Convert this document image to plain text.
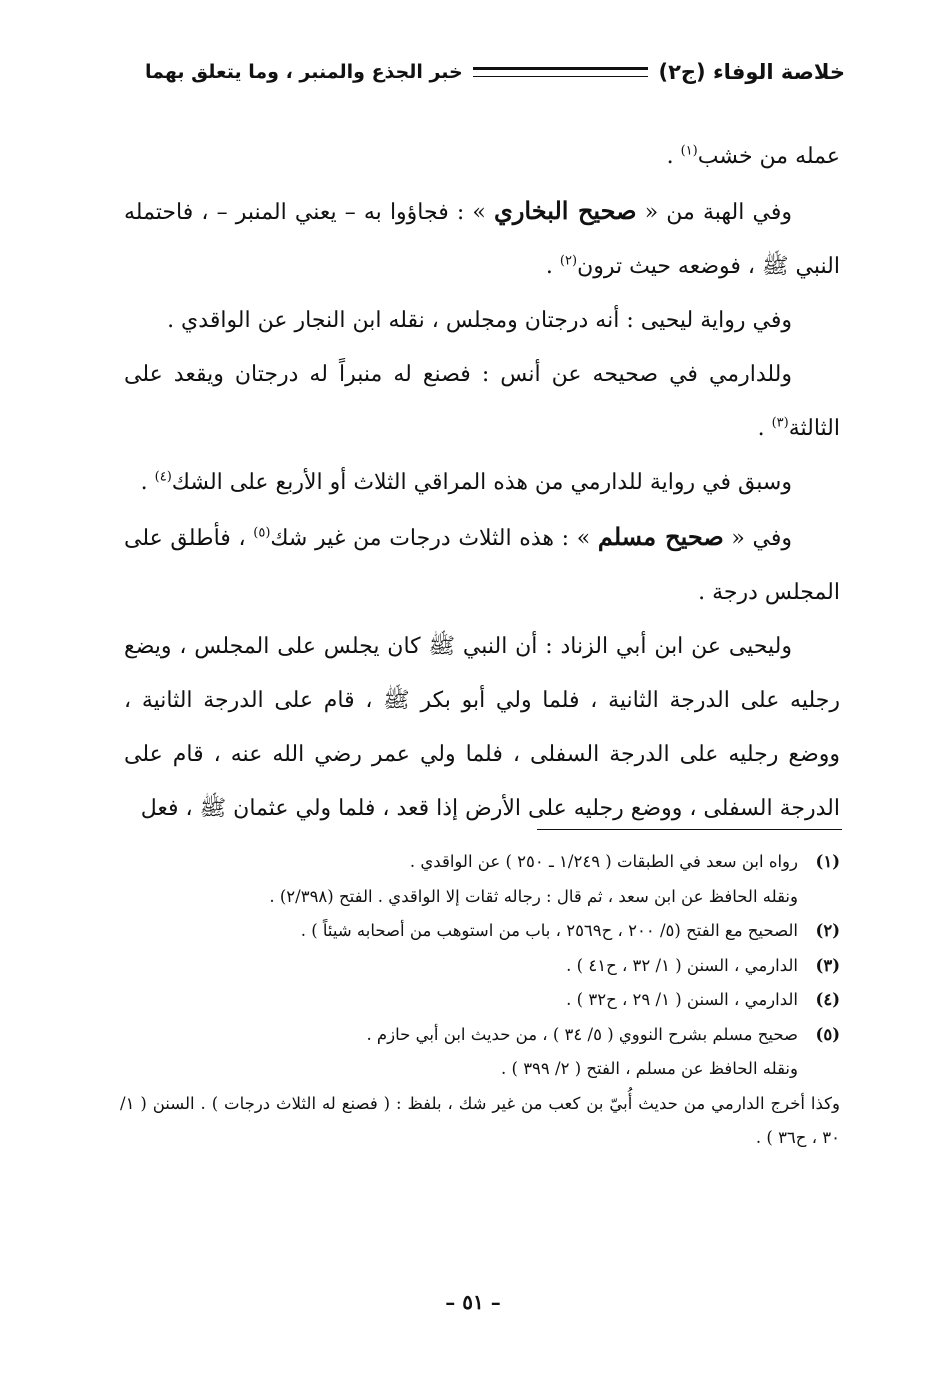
خلاصة الوفاء (ج٢)
خبر الجذع والمنبر ، وما يتعلق بهما

عمله من خشب$^{(١)}$ .

وفي الهبة من « صحيح البخاري » : فجاؤوا به – يعني المنبر – ، فاحتمله النبي ﷺ ، فوضعه حيث ترون$^{(٢)}$ .

وفي رواية ليحيى : أنه درجتان ومجلس ، نقله ابن النجار عن الواقدي .

وللدارمي في صحيحه عن أنس : فصنع له منبراً له درجتان ويقعد على الثالثة$^{(٣)}$ .

وسبق في رواية للدارمي من هذه المراقي الثلاث أو الأربع على الشك$^{(٤)}$ .

وفي « صحيح مسلم » : هذه الثلاث درجات من غير شك$^{(٥)}$ ، فأطلق على المجلس درجة .

وليحيى عن ابن أبي الزناد : أن النبي ﷺ كان يجلس على المجلس ، ويضع رجليه على الدرجة الثانية ، فلما ولي أبو بكر ﷺ ، قام على الدرجة الثانية ، ووضع رجليه على الدرجة السفلى ، فلما ولي عمر رضي الله عنه ، قام على الدرجة السفلى ، ووضع رجليه على الأرض إذا قعد ، فلما ولي عثمان ﷺ ، فعل

(١)
رواه ابن سعد في الطبقات ( ١/٢٤٩ ـ ٢٥٠ ) عن الواقدي .
ونقله الحافظ عن ابن سعد ، ثم قال : رجاله ثقات إلا الواقدي . الفتح (٢/٣٩٨) .
(٢)
الصحيح مع الفتح (٥/ ٢٠٠ ، ح٢٥٦٩ ، باب من استوهب من أصحابه شيئاً ) .
(٣)
الدارمي ، السنن ( ١/ ٣٢ ، ح٤١ ) .
(٤)
الدارمي ، السنن ( ١/ ٢٩ ، ح٣٢ ) .
(٥)
صحيح مسلم بشرح النووي ( ٥/ ٣٤ ) ، من حديث ابن أبي حازم .
ونقله الحافظ عن مسلم ، الفتح ( ٢/ ٣٩٩ ) .
وكذا أخرج الدارمي من حديث أُبيّ بن كعب من غير شك ، بلفظ : ( فصنع له الثلاث درجات ) . السنن ( ١/ ٣٠ ، ح٣٦ ) .
– ٥١ –
